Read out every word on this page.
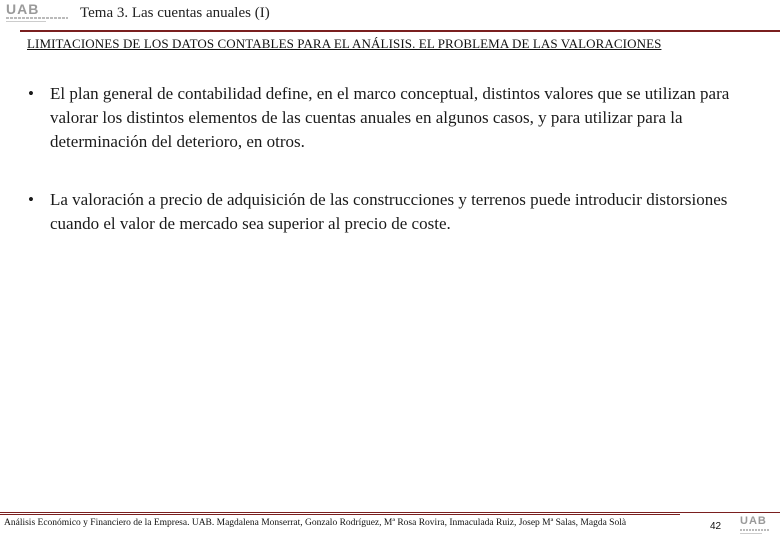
UAB	Tema 3. Las cuentas anuales (I)
LIMITACIONES DE LOS DATOS CONTABLES PARA EL ANÁLISIS. EL PROBLEMA DE LAS VALORACIONES
• El plan general de contabilidad define, en el marco conceptual, distintos valores que se utilizan para valorar los distintos elementos de las cuentas anuales en algunos casos, y para utilizar para la determinación del deterioro, en otros.
• La valoración a precio de adquisición de las construcciones y terrenos puede introducir distorsiones cuando el valor de mercado sea superior al precio de coste.
Análisis Económico y Financiero de la Empresa. UAB. Magdalena Monserrat, Gonzalo Rodríguez, Mª Rosa Rovira, Inmaculada Ruiz, Josep Mª Salas, Magda Solà	42 UAB
